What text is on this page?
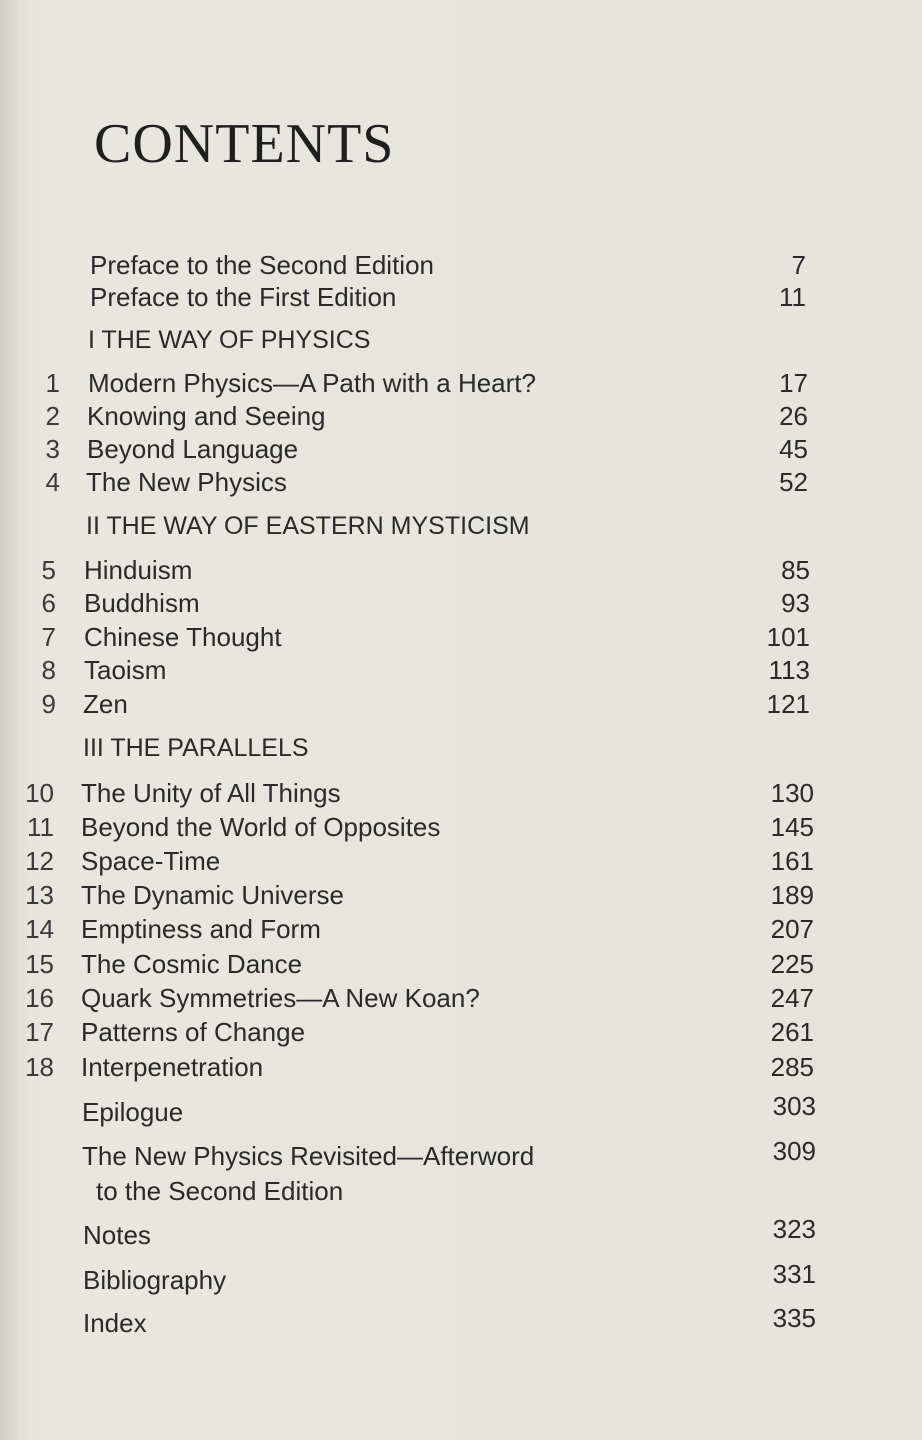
CONTENTS
Preface to the Second Edition	7
Preface to the First Edition	11
I THE WAY OF PHYSICS
1 Modern Physics—A Path with a Heart?	17
2 Knowing and Seeing	26
3 Beyond Language	45
4 The New Physics	52
II THE WAY OF EASTERN MYSTICISM
5 Hinduism	85
6 Buddhism	93
7 Chinese Thought	101
8 Taoism	113
9 Zen	121
III THE PARALLELS
10 The Unity of All Things	130
11 Beyond the World of Opposites	145
12 Space-Time	161
13 The Dynamic Universe	189
14 Emptiness and Form	207
15 The Cosmic Dance	225
16 Quark Symmetries—A New Koan?	247
17 Patterns of Change	261
18 Interpenetration	285
Epilogue	303
The New Physics Revisited—Afterword	309
to the Second Edition
Notes	323
Bibliography	331
Index	335
